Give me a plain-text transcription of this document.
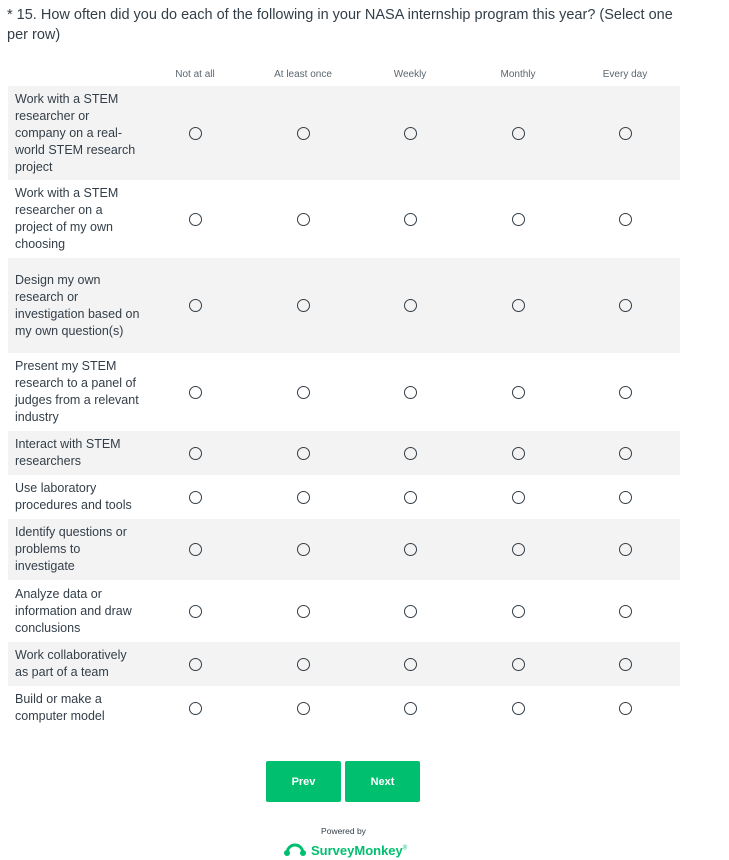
* 15. How often did you do each of the following in your NASA internship program this year? (Select one per row)
Not at all	At least once	Weekly	Monthly	Every day
Work with a STEM researcher or company on a real-world STEM research project
Work with a STEM researcher on a project of my own choosing
Design my own research or investigation based on my own question(s)
Present my STEM research to a panel of judges from a relevant industry
Interact with STEM researchers
Use laboratory procedures and tools
Identify questions or problems to investigate
Analyze data or information and draw conclusions
Work collaboratively as part of a team
Build or make a computer model
Prev	Next
Powered by
SurveyMonkey®
